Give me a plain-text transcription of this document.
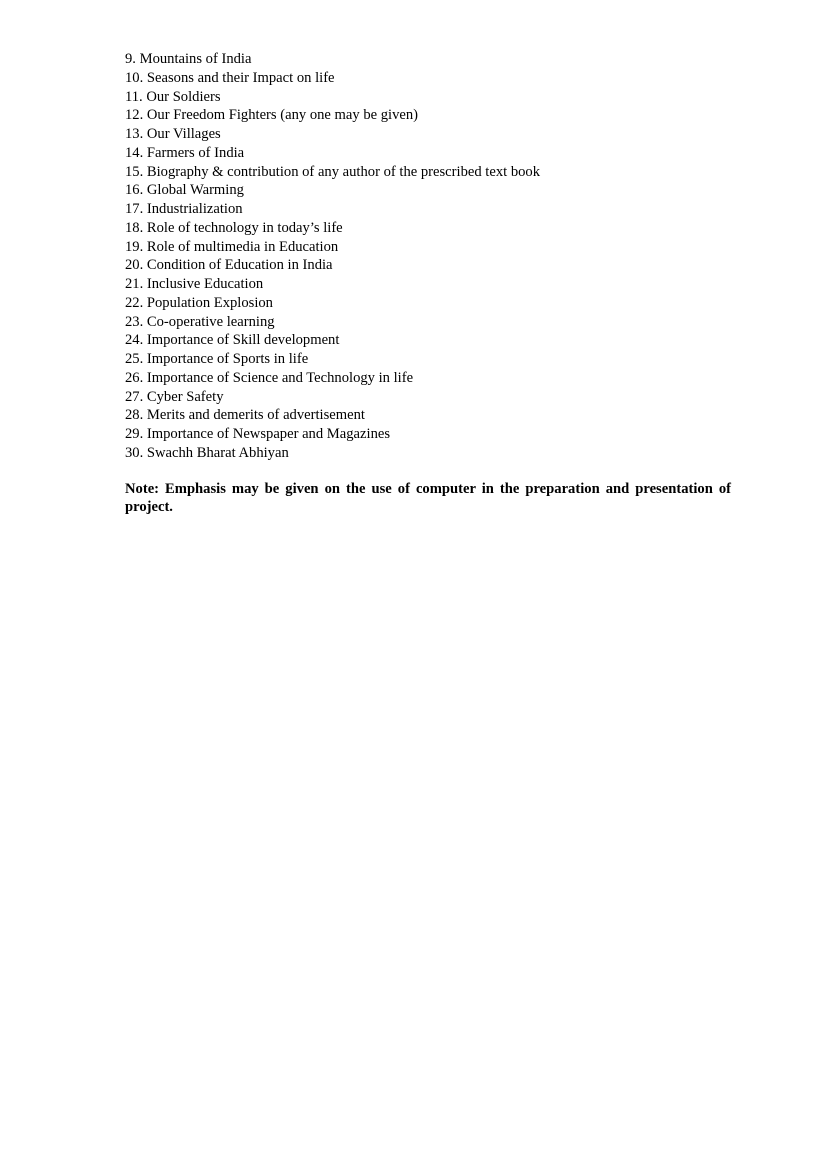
9. Mountains of India
10. Seasons and their Impact on life
11. Our Soldiers
12. Our Freedom Fighters (any one may be given)
13. Our Villages
14. Farmers of India
15. Biography & contribution of any author of the prescribed text book
16. Global Warming
17. Industrialization
18. Role of technology in today’s life
19. Role of multimedia in Education
20. Condition of Education in India
21. Inclusive Education
22. Population Explosion
23. Co-operative learning
24. Importance of Skill development
25. Importance of Sports in life
26. Importance of Science and Technology in life
27. Cyber Safety
28. Merits and demerits of advertisement
29. Importance of Newspaper and Magazines
30. Swachh Bharat Abhiyan

Note: Emphasis may be given on the use of computer in the preparation and presentation of project.
